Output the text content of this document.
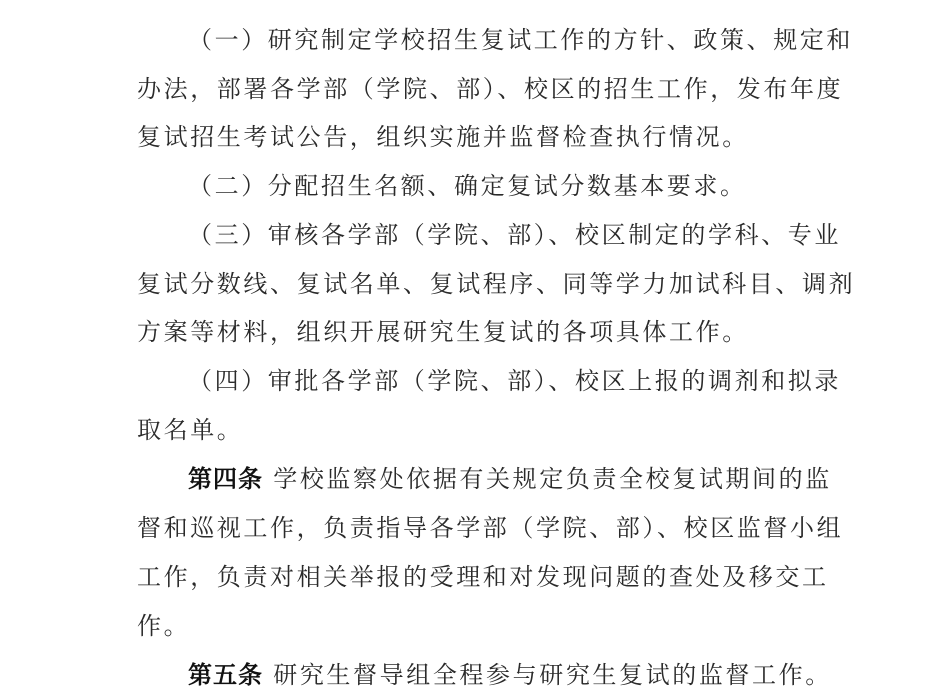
（一）研究制定学校招生复试工作的方针、政策、规定和
办法，部署各学部（学院、部）、校区的招生工作，发布年度
复试招生考试公告，组织实施并监督检查执行情况。
（二）分配招生名额、确定复试分数基本要求。
（三）审核各学部（学院、部）、校区制定的学科、专业
复试分数线、复试名单、复试程序、同等学力加试科目、调剂
方案等材料，组织开展研究生复试的各项具体工作。
（四）审批各学部（学院、部）、校区上报的调剂和拟录
取名单。
第四条 学校监察处依据有关规定负责全校复试期间的监
督和巡视工作，负责指导各学部（学院、部）、校区监督小组
工作，负责对相关举报的受理和对发现问题的查处及移交工
作。
第五条 研究生督导组全程参与研究生复试的监督工作。
